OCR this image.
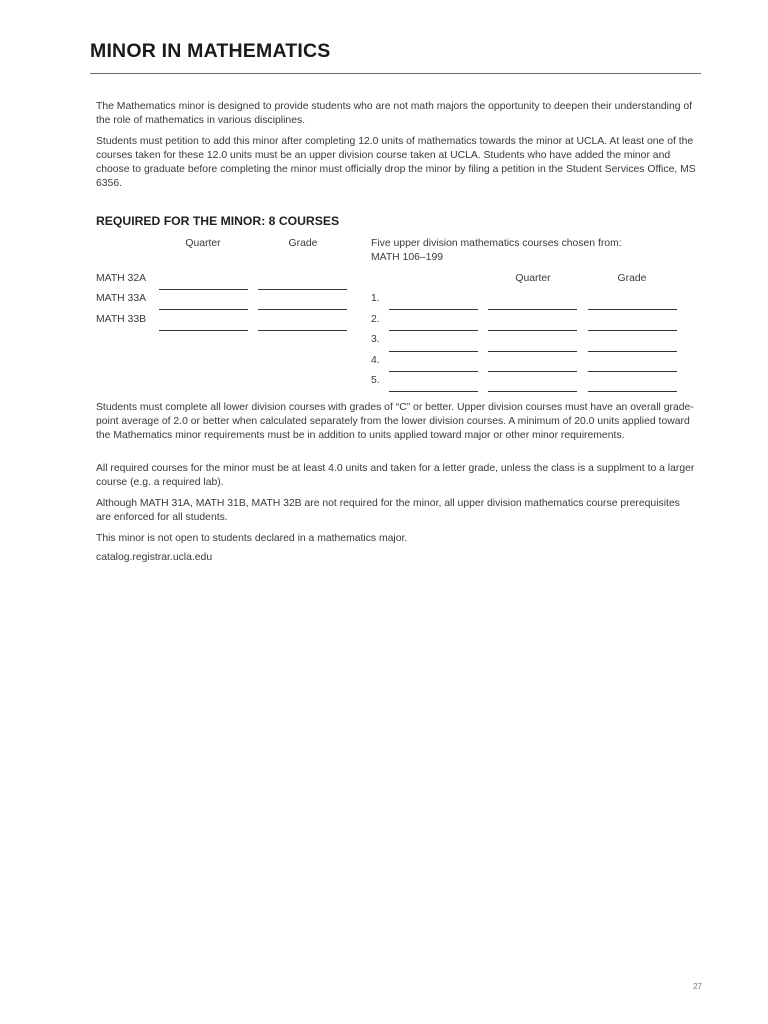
MINOR IN MATHEMATICS

The Mathematics minor is designed to provide students who are not math majors the opportunity to deepen their understanding of the role of mathematics in various disciplines.

Students must petition to add this minor after completing 12.0 units of mathematics towards the minor at UCLA. At least one of the courses taken for these 12.0 units must be an upper division course taken at UCLA. Students who have added the minor and choose to graduate before completing the minor must officially drop the minor by filing a petition in the Student Services Office, MS 6356.

REQUIRED FOR THE MINOR: 8 COURSES
Quarter	Grade
MATH 32A
MATH 33A
MATH 33B
Five upper division mathematics courses chosen from:
MATH 106–199
Quarter	Grade
1.
2.
3.
4.
5.

Students must complete all lower division courses with grades of “C” or better. Upper division courses must have an overall grade-point average of 2.0 or better when calculated separately from the lower division courses. A minimum of 20.0 units applied toward the Mathematics minor requirements must be in addition to units applied toward major or other minor requirements.

All required courses for the minor must be at least 4.0 units and taken for a letter grade, unless the class is a supplment to a larger course (e.g. a required lab).

Although MATH 31A, MATH 31B, MATH 32B are not required for the minor, all upper division mathematics course prerequisites are enforced for all students.

This minor is not open to students declared in a mathematics major.

catalog.registrar.ucla.edu

27
